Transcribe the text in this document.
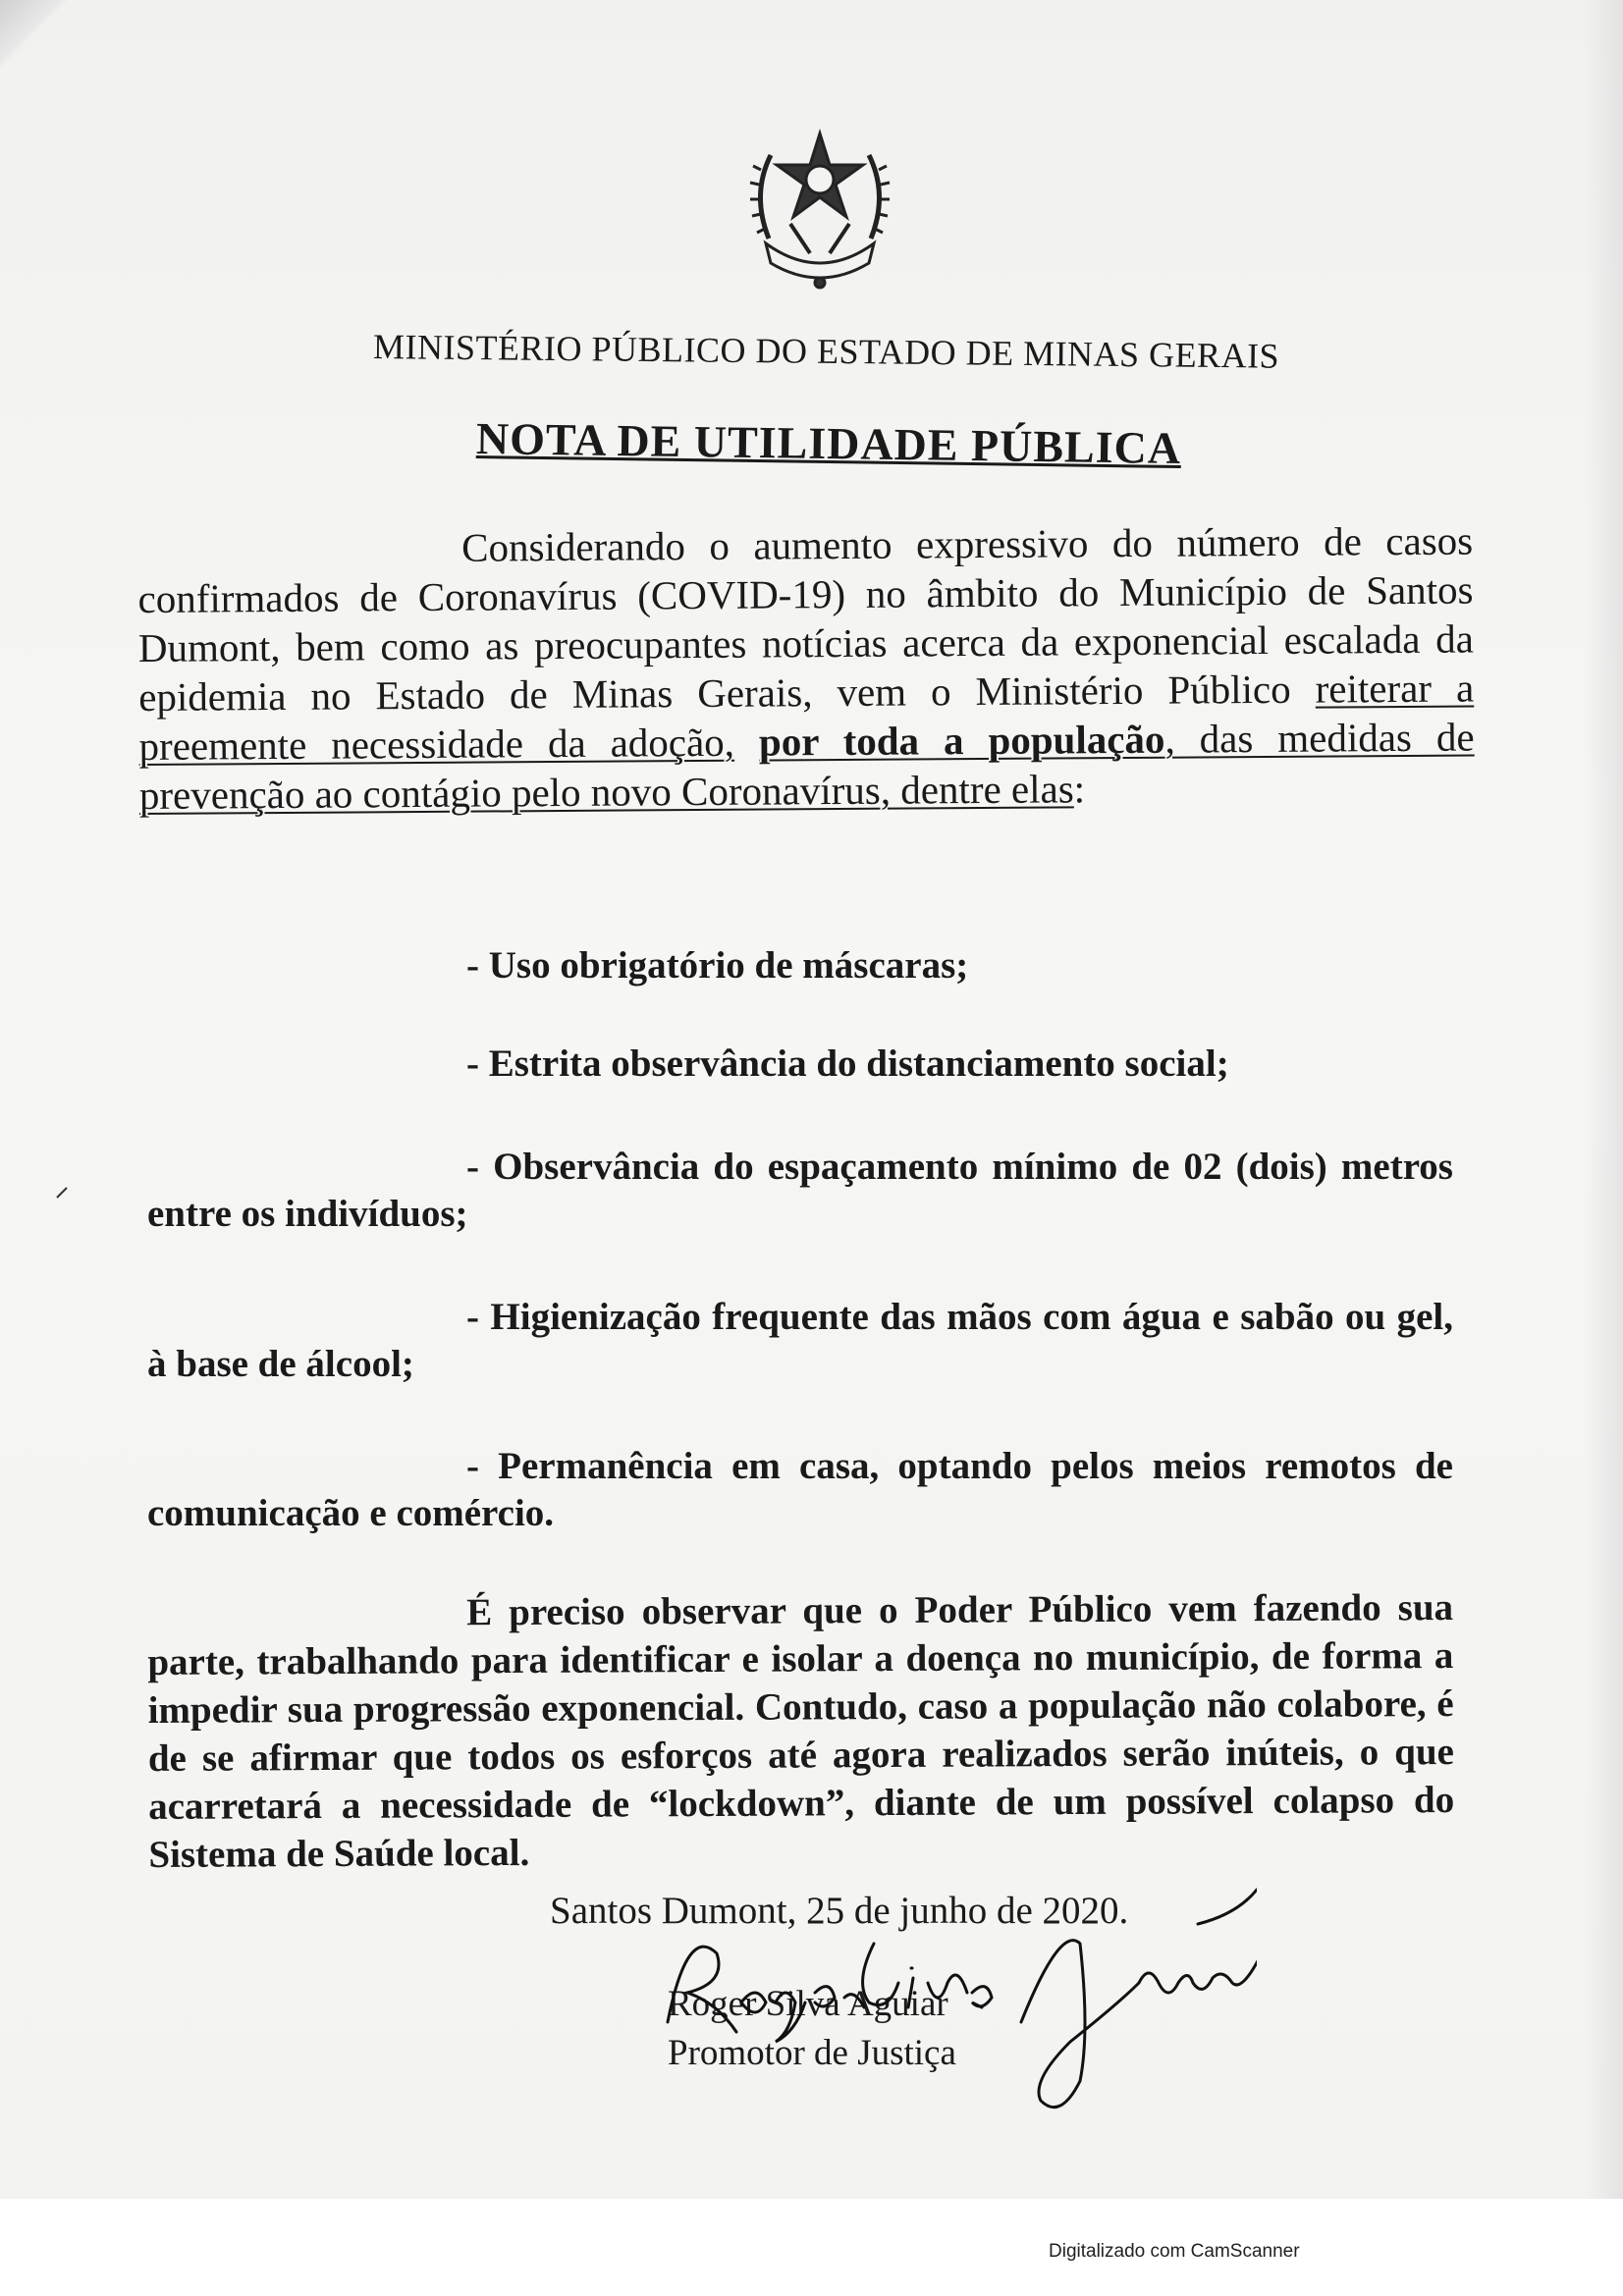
MINISTÉRIO PÚBLICO DO ESTADO DE MINAS GERAIS
NOTA DE UTILIDADE PÚBLICA
Considerando o aumento expressivo do número de casos confirmados de Coronavírus (COVID-19) no âmbito do Município de Santos Dumont, bem como as preocupantes notícias acerca da exponencial escalada da epidemia no Estado de Minas Gerais, vem o Ministério Público reiterar a preemente necessidade da adoção, por toda a população, das medidas de prevenção ao contágio pelo novo Coronavírus, dentre elas:
- Uso obrigatório de máscaras;
- Estrita observância do distanciamento social;
- Observância do espaçamento mínimo de 02 (dois) metros entre os indivíduos;
- Higienização frequente das mãos com água e sabão ou gel, à base de álcool;
- Permanência em casa, optando pelos meios remotos de comunicação e comércio.
É preciso observar que o Poder Público vem fazendo sua parte, trabalhando para identificar e isolar a doença no município, de forma a impedir sua progressão exponencial. Contudo, caso a população não colabore, é de se afirmar que todos os esforços até agora realizados serão inúteis, o que acarretará a necessidade de “lockdown”, diante de um possível colapso do Sistema de Saúde local.
Santos Dumont, 25 de junho de 2020.
Roger Silva Aguiar
Promotor de Justiça
Digitalizado com CamScanner
